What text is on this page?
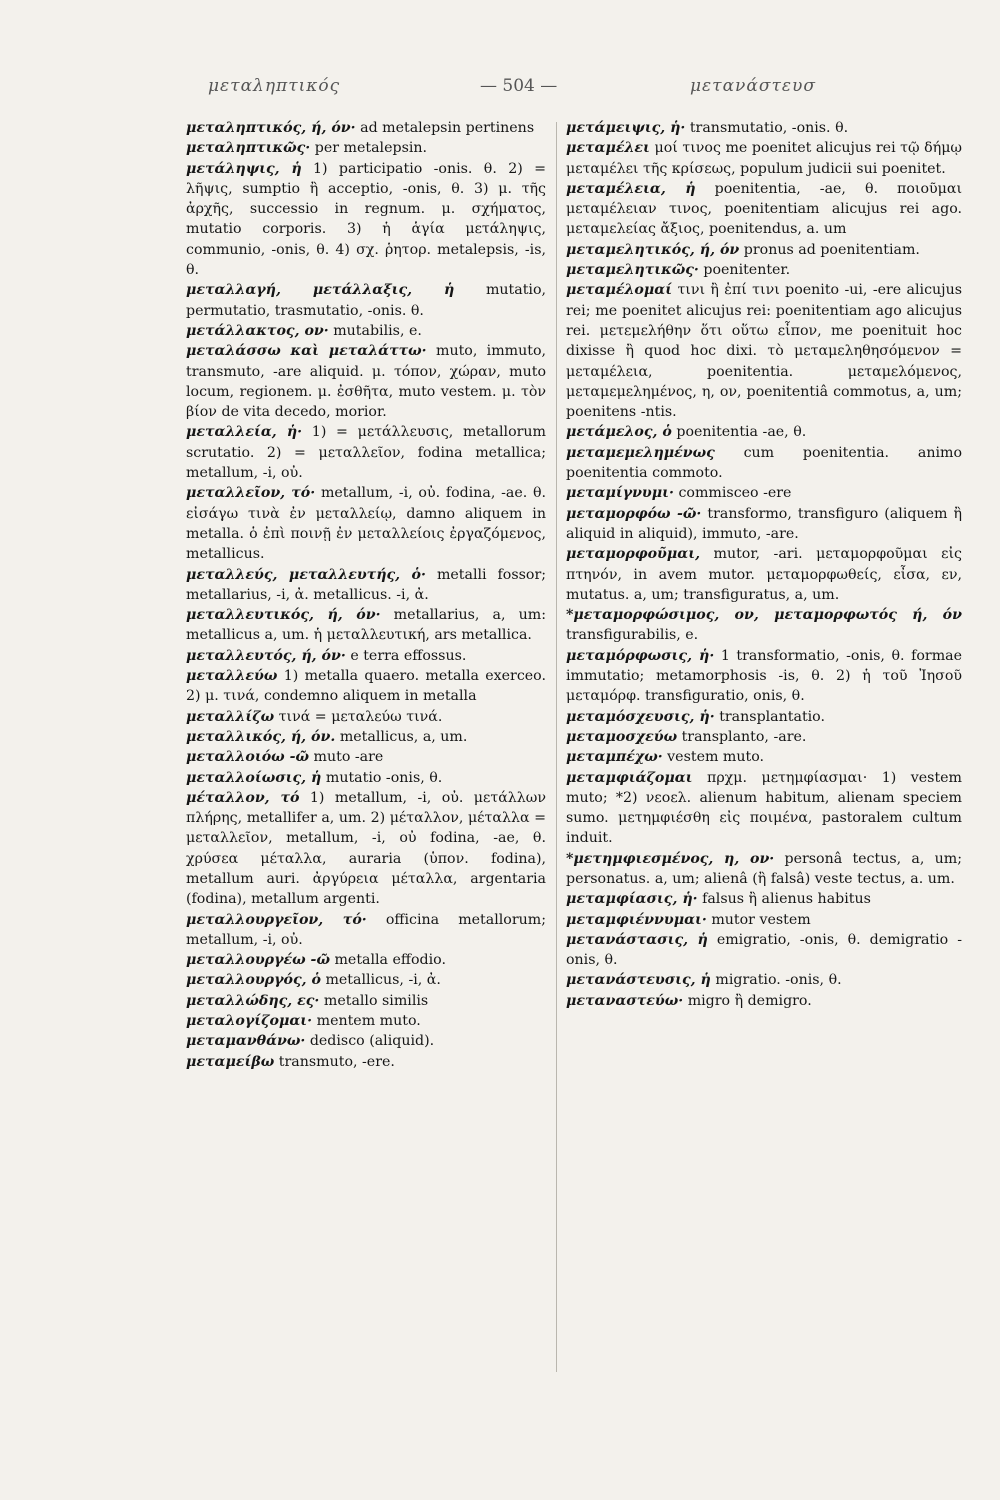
μεταληπτικός	— 504 —	μετανάστευσ

μεταληπτικός, ή, όν· ad metalepsin pertinens

μεταληπτικῶς· per metalepsin.

μετάληψις, ἡ 1) participatio -onis. θ. 2) = λῆψις, sumptio ἢ acceptio, -onis, θ. 3) μ. τῆς ἀρχῆς, successio in regnum. μ. σχήματος, mutatio corporis. 3) ἡ ἁγία μετάληψις, communio, -onis, θ. 4) σχ. ῥητορ. metalepsis, -is, θ.

μεταλλαγή, μετάλλαξις, ἡ mutatio, permutatio, trasmutatio, -onis. θ.

μετάλλακτος, ον· mutabilis, e.

μεταλάσσω καὶ μεταλάττω· muto, immuto, transmuto, -are aliquid. μ. τόπον, χώραν, muto locum, regionem. μ. ἐσθῆτα, muto vestem. μ. τὸν βίον de vita decedo, morior.

μεταλλεία, ἡ· 1) = μετάλλευσις, metallorum scrutatio. 2) = μεταλλεῖον, fodina metallica; metallum, -i, οὐ.

μεταλλεῖον, τό· metallum, -i, οὐ. fodina, -ae. θ. εἰσάγω τινὰ ἐν μεταλλείῳ, damno aliquem in metalla. ὁ ἐπὶ ποινῇ ἐν μεταλλείοις ἐργαζόμενος, metallicus.

μεταλλεύς, μεταλλευτής, ὁ· metalli fossor; metallarius, -i, ἀ. metallicus. -i, ἀ.

μεταλλευτικός, ή, όν· metallarius, a, um: metallicus a, um. ἡ μεταλλευτική, ars metallica.

μεταλλευτός, ή, όν· e terra effossus.

μεταλλεύω 1) metalla quaero. metalla exerceo. 2) μ. τινά, condemno aliquem in metalla

μεταλλίζω τινά = μεταλεύω τινά.

μεταλλικός, ή, όν. metallicus, a, um.

μεταλλοιόω -ῶ muto -are

μεταλλοίωσις, ἡ mutatio -onis, θ.

μέταλλον, τό 1) metallum, -i, οὐ. μετάλλων πλήρης, metallifer a, um. 2) μέταλλον, μέταλλα = μεταλλεῖον, metallum, -i, οὐ fodina, -ae, θ. χρύσεα μέταλλα, auraria (ὑπον. fodina), metallum auri. ἀργύρεια μέταλλα, argentaria (fodina), metallum argenti.

μεταλλουργεῖον, τό· officina metallorum; metallum, -i, οὐ.

μεταλλουργέω -ῶ metalla effodio.

μεταλλουργός, ὁ metallicus, -i, ἀ.

μεταλλώδης, ες· metallo similis

μεταλογίζομαι· mentem muto.

μεταμανθάνω· dedisco (aliquid).

μεταμείβω transmuto, -ere.

μετάμειψις, ἡ· transmutatio, -onis. θ.

μεταμέλει μοί τινος me poenitet alicujus rei τῷ δήμῳ μεταμέλει τῆς κρίσεως, populum judicii sui poenitet.

μεταμέλεια, ἡ poenitentia, -ae, θ. ποιοῦμαι μεταμέλειαν τινος, poenitentiam alicujus rei ago. μεταμελείας ἄξιος, poenitendus, a. um

μεταμελητικός, ή, όν pronus ad poenitentiam.

μεταμελητικῶς· poenitenter.

μεταμέλομαί τινι ἢ ἐπί τινι poenito -ui, -ere alicujus rei; me poenitet alicujus rei: poenitentiam ago alicujus rei. μετεμελήθην ὅτι οὕτω εἶπον, me poenituit hoc dixisse ἢ quod hoc dixi. τὸ μεταμεληθησόμενον = μεταμέλεια, poenitentia. μεταμελόμενος, μεταμεμελημένος, η, ον, poenitentiâ commotus, a, um; poenitens -ntis.

μετάμελος, ὁ poenitentia -ae, θ.

μεταμεμελημένως cum poenitentia. animo poenitentia commoto.

μεταμίγνυμι· commisceo -ere

μεταμορφόω -ῶ· transformo, transfiguro (aliquem ἢ aliquid in aliquid), immuto, -are.

μεταμορφοῦμαι, mutor, -ari. μεταμορφοῦμαι εἰς πτηνόν, in avem mutor. μεταμορφωθείς, εἶσα, εν, mutatus. a, um; transfiguratus, a, um.

*μεταμορφώσιμος, ον, μεταμορφωτός ή, όν transfigurabilis, e.

μεταμόρφωσις, ἡ· 1 transformatio, -onis, θ. formae immutatio; metamorphosis -is, θ. 2) ἡ τοῦ Ἰησοῦ μεταμόρφ. transfiguratio, onis, θ.

μεταμόσχευσις, ἡ· transplantatio.

μεταμοσχεύω transplanto, -are.

μεταμπέχω· vestem muto.

μεταμφιάζομαι πρχμ. μετημφίασμαι· 1) vestem muto; *2) νεοελ. alienum habitum, alienam speciem sumo. μετημφιέσθη εἰς ποιμένα, pastoralem cultum induit.

*μετημφιεσμένος, η, ον· personâ tectus, a, um; personatus. a, um; alienâ (ἢ falsâ) veste tectus, a. um.

μεταμφίασις, ἡ· falsus ἢ alienus habitus

μεταμφιέννυμαι· mutor vestem

μετανάστασις, ἡ emigratio, -onis, θ. demigratio -onis, θ.

μετανάστευσις, ἡ migratio. -onis, θ.

μεταναστεύω· migro ἢ demigro.
